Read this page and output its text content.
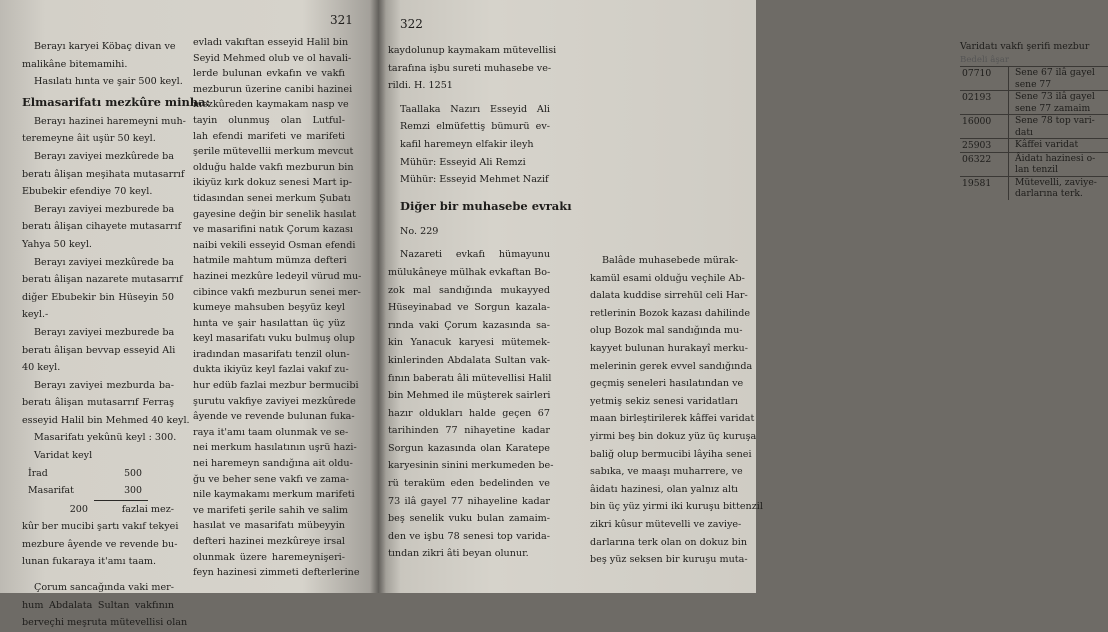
321
Berayı karyei Köbaç divan ve
malikâne bitemamihi.
Hasılatı hınta ve şair 500 keyl.
Elmasarifatı mezkûre minha:
Berayı hazinei haremeyni̇ muh-
teremeyne âit uşür 50 keyl.
Berayı zaviyei mezkûrede ba
beratı âlişan meşihata mutasarrıf
Ebubekir efendiye 70 keyl.
Berayı zaviyei mezburede ba
beratı âlişan cihayete mutasarrıf
Yahya 50 keyl.
Berayı zaviyei mezkûrede ba
beratı âlişan nazarete mutasarrıf
diğer Ebubekir bin Hüseyin 50
keyl.-
Berayı zaviyei mezburede ba
beratı âlişan bevvap esseyid Ali
40 keyl.
Berayı zaviyei mezburda ba-
beratı âlişan mutasarrıf Ferraş
esseyid Halil bin Mehmed 40 keyl.
Masarifatı yekûnü keyl : 300.
Varidat keyl
İrad	500
Masarifat	300
200	fazlai mez-
kûr ber mucibi şartı vakıf tekyei
mezbure âyende ve revende bu-
lunan fukaraya it'amı taam.
Çorum sancağında vaki mer-
hum Abdalata Sultan vakfının
berveçhi meşruta mütevellisi olan
evladı vakıftan esseyid Halil bin
Seyid Mehmed olub ve ol havali-
lerde bulunan evkafın ve vakfı
mezburun üzerine canibi hazinei
mezkûreden kaymakam nasp ve
tayin olunmuş olan Lutful-
lah efendi marifeti ve marifeti
şerile mütevellii merkum mevcut
olduğu halde vakfı mezburun bin
ikiyüz kırk dokuz senesi Mart ip-
tidasından senei merkum Şubatı
gayesine değin bir senelik hasılat
ve masarifini natık Çorum kazası
naibi vekili esseyid Osman efendi
hatmile mahtum mümza defteri
hazinei mezkûre ledeyil vürud mu-
cibince vakfı mezburun senei mer-
kumeye mahsuben beşyüz keyl
hınta ve şair hasılattan üç yüz
keyl masarifatı vuku bulmuş olup
iradından masarifatı tenzil olun-
dukta ikiyüz keyl fazlai vakıf zu-
hur edüb fazlai mezbur bermucibi
şurutu vakfiye zaviyei mezkûrede
âyende ve revende bulunan fuka-
raya it'amı taam olunmak ve se-
nei merkum hasılatının uşrü hazi-
nei haremeyn sandığına ait oldu-
ğu ve beher sene vakfı ve zama-
nile kaymakamı merkum marifeti
ve marifeti şerile sahih ve salim
hasılat ve masarifatı mübeyyin
defteri hazinei mezkûreye irsal
olunmak üzere haremeyni̇şeri-
feyn hazinesi zimmeti defterlerine
322
kaydolunup kaymakam mütevellisi
tarafına işbu sureti muhasebe ve-
rildi. H. 1251
Taallaka Nazırı Esseyid Ali
Remzi elmüfettiş bümurü ev-
kafil haremeyn elfakir ileyh
Mühür: Esseyid Ali Remzi
Mühür: Esseyid Mehmet Nazif
Diğer bir muhasebe evrakı
No. 229
Nazareti evkafı hümayunu
mülukâneye mülhak evkaftan Bo-
zok mal sandığında mukayyed
Hüseyinabad ve Sorgun kazala-
rında vaki Çorum kazasında sa-
kin Yanacuk karyesi mütemek-
kinlerinden Abdalata Sultan vak-
fının baberatı âli mütevellisi Halil
bin Mehmed ile müşterek sairleri
hazır oldukları halde geçen 67
tarihinden 77 nihayetine kadar
Sorgun kazasında olan Karatepe
karyesinin sinini merkumeden be-
rü teraküm eden bedelinden ve
73 ilâ gayel 77 nihayeline kadar
beş senelik vuku bulan zamaim-
den ve işbu 78 senesi top varida-
tından zikri âti beyan olunur.
Varidatı vakfı şerifi mezbur
Bedeli âşar
07710	Sene 67 ilâ gayel
sene 77
02193	Sene 73 ilâ gayel
sene 77 zamaim
16000	Sene 78 top vari-
datı
25903	Kâffei varidat
06322	Âidatı hazinesi o-
lan tenzil
19581	Mütevelli, zaviye-
darlarına terk.
Balâde muhasebede mü̇rak-
kamül esami olduğu veçhile Ab-
dalata kuddise sirrehül celi Har-
retlerinin Bozok kazası dahilinde
olup Bozok mal sandığında mu-
kayyet bulunan hurakayî merku-
melerinin gerek evvel sandığında
geçmiş seneleri hasılatından ve
yetmiş sekiz senesi varidatları
maan birleştirilerek kâffei varidat
yirmi beş bin dokuz yüz üç kuruşa
baliğ olup bermucibi lâyiha senei
sabıka, ve maaşı muharrere, ve
âidatı hazinesi, olan yalnız altı
bin üç yüz yirmi iki kuruşu bittenzil
zikri kûsur mütevelli ve zaviye-
darlarına terk olan on dokuz bin
beş yüz seksen bir kuruşu muta-
